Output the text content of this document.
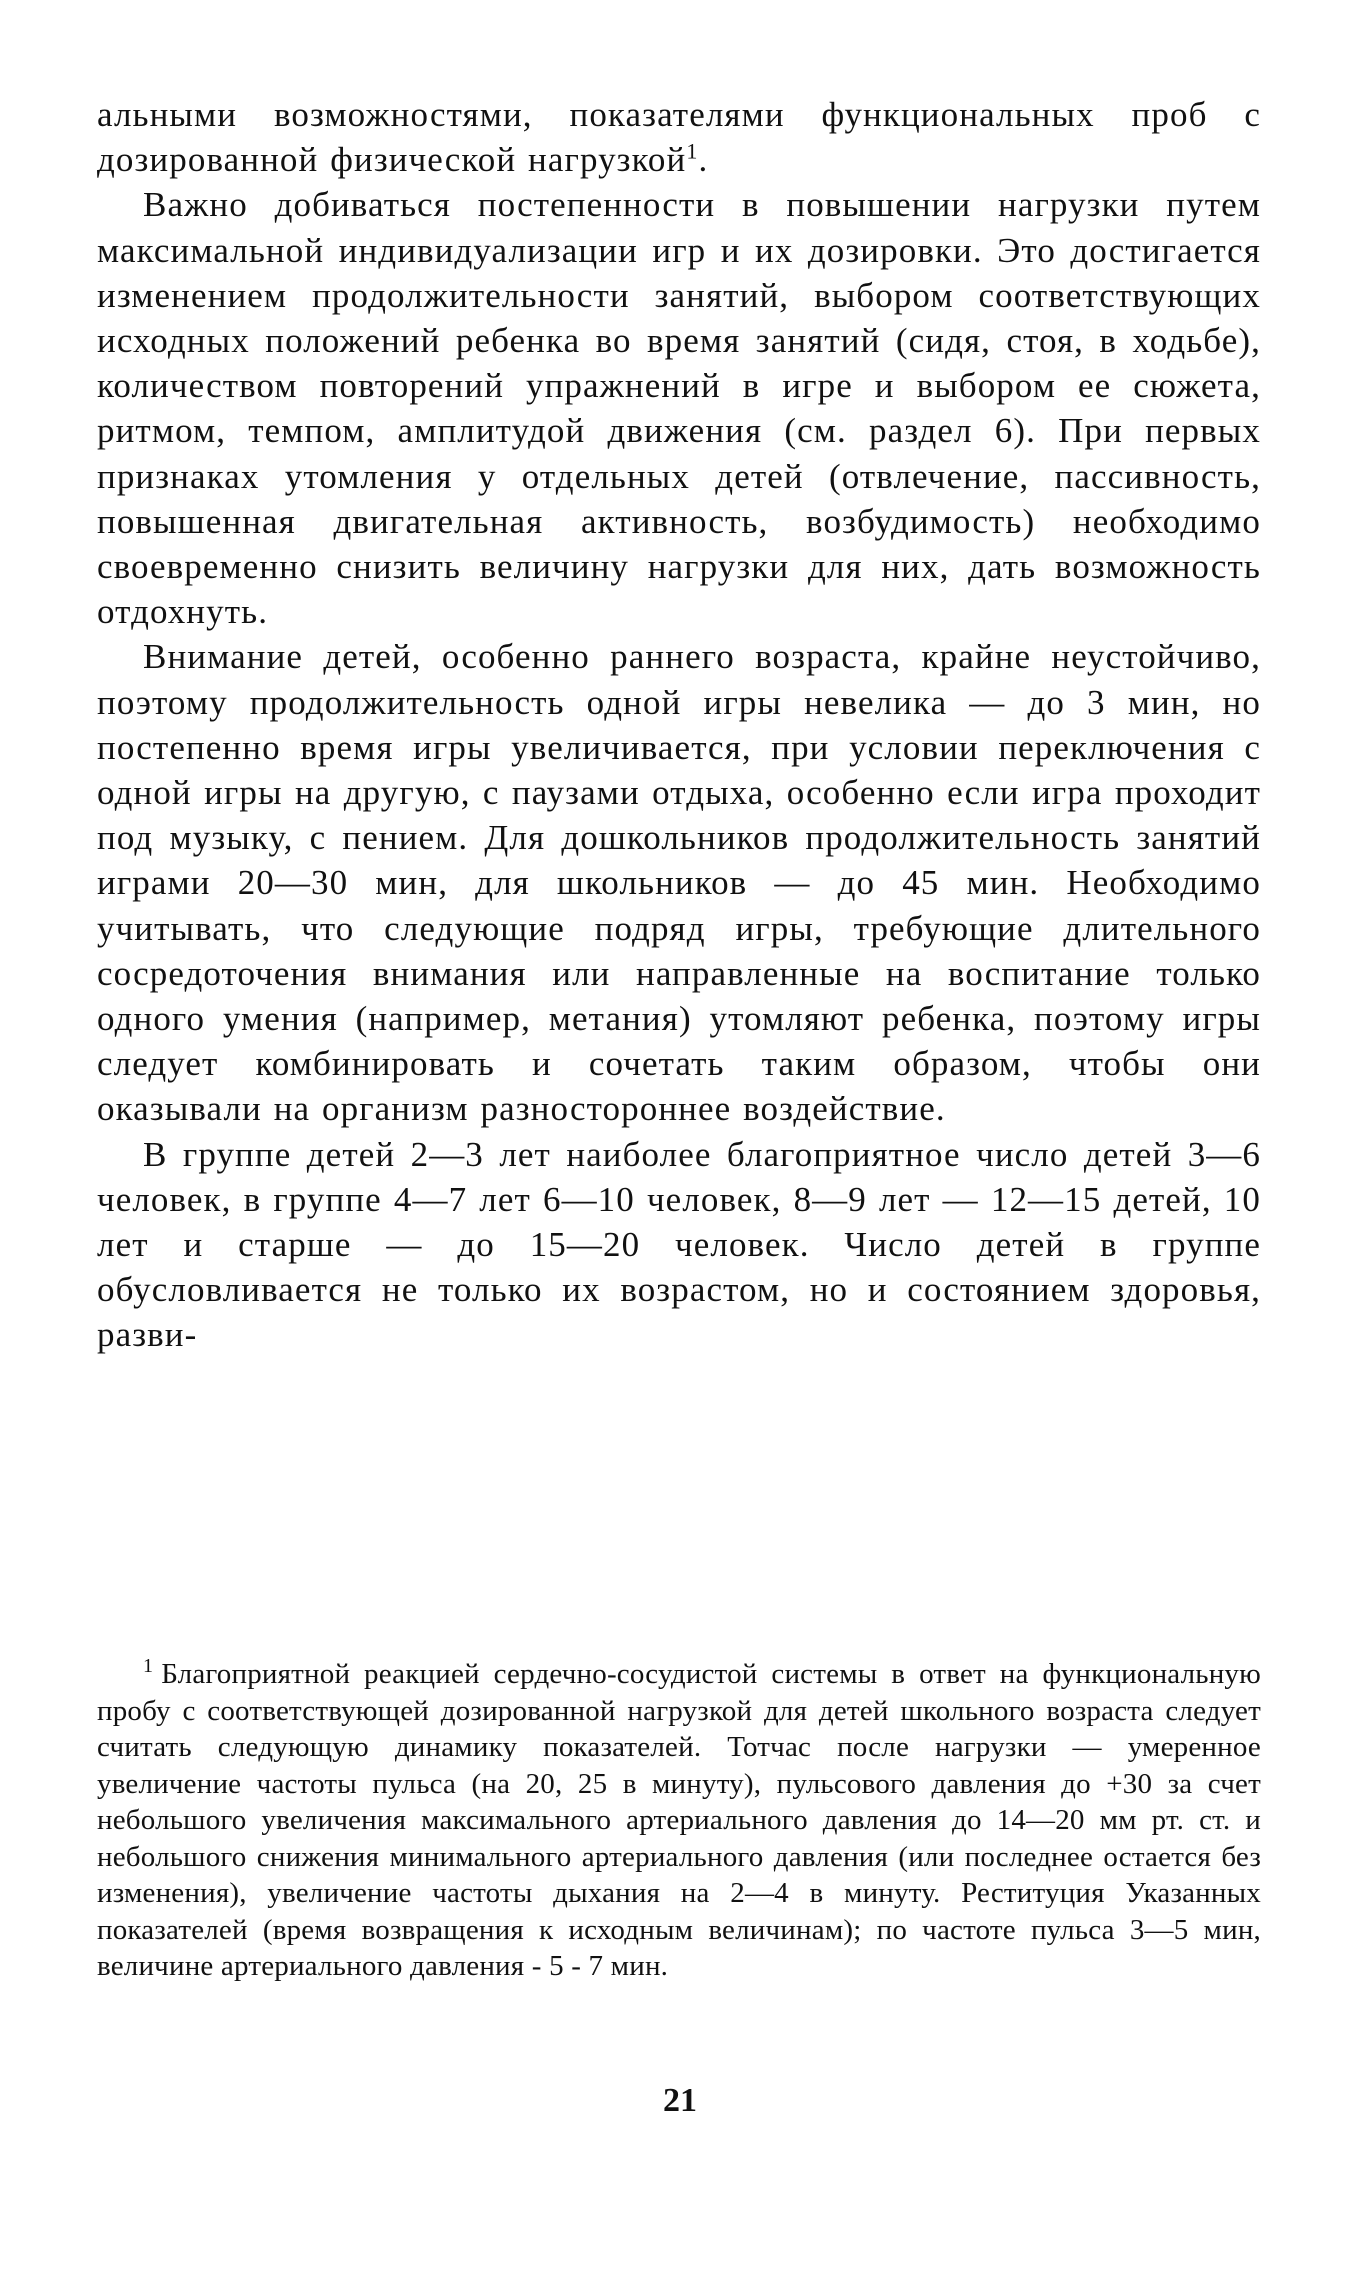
альными возможностями, показателями функциональных проб с дозированной физической нагрузкой$^1$.

Важно добиваться постепенности в повышении нагрузки путем максимальной индивидуализации игр и их дозировки. Это достигается изменением продолжительности занятий, выбором соответствующих исходных положений ребенка во время занятий (сидя, стоя, в ходьбе), количеством повторений упражнений в игре и выбором ее сюжета, ритмом, темпом, амплитудой движения (см. раздел 6). При первых признаках утомления у отдельных детей (отвлечение, пассивность, повышенная двигательная активность, возбудимость) необходимо своевременно снизить величину нагрузки для них, дать возможность отдохнуть.

Внимание детей, особенно раннего возраста, крайне неустойчиво, поэтому продолжительность одной игры невелика — до 3 мин, но постепенно время игры увеличивается, при условии переключения с одной игры на другую, с паузами отдыха, особенно если игра проходит под музыку, с пением. Для дошкольников продолжительность занятий играми 20—30 мин, для школьников — до 45 мин. Необходимо учитывать, что следующие подряд игры, требующие длительного сосредоточения внимания или направленные на воспитание только одного умения (например, метания) утомляют ребенка, поэтому игры следует комбинировать и сочетать таким образом, чтобы они оказывали на организм разностороннее воздействие.

В группе детей 2—3 лет наиболее благоприятное число детей 3—6 человек, в группе 4—7 лет 6—10 человек, 8—9 лет — 12—15 детей, 10 лет и старше — до 15—20 человек. Число детей в группе обусловливается не только их возрастом, но и состоянием здоровья, разви-

$^1$ Благоприятной реакцией сердечно-сосудистой системы в ответ на функциональную пробу с соответствующей дозированной нагрузкой для детей школьного возраста следует считать следующую динамику показателей. Тотчас после нагрузки — умеренное увеличение частоты пульса (на 20, 25 в минуту), пульсового давления до +30 за счет небольшого увеличения максимального артериального давления до 14—20 мм рт. ст. и небольшого снижения минимального артериального давления (или последнее остается без изменения), увеличение частоты дыхания на 2—4 в минуту. Реституция Указанных показателей (время возвращения к исходным величинам); по частоте пульса 3—5 мин, величине артериального давления - 5 - 7 мин.

21
